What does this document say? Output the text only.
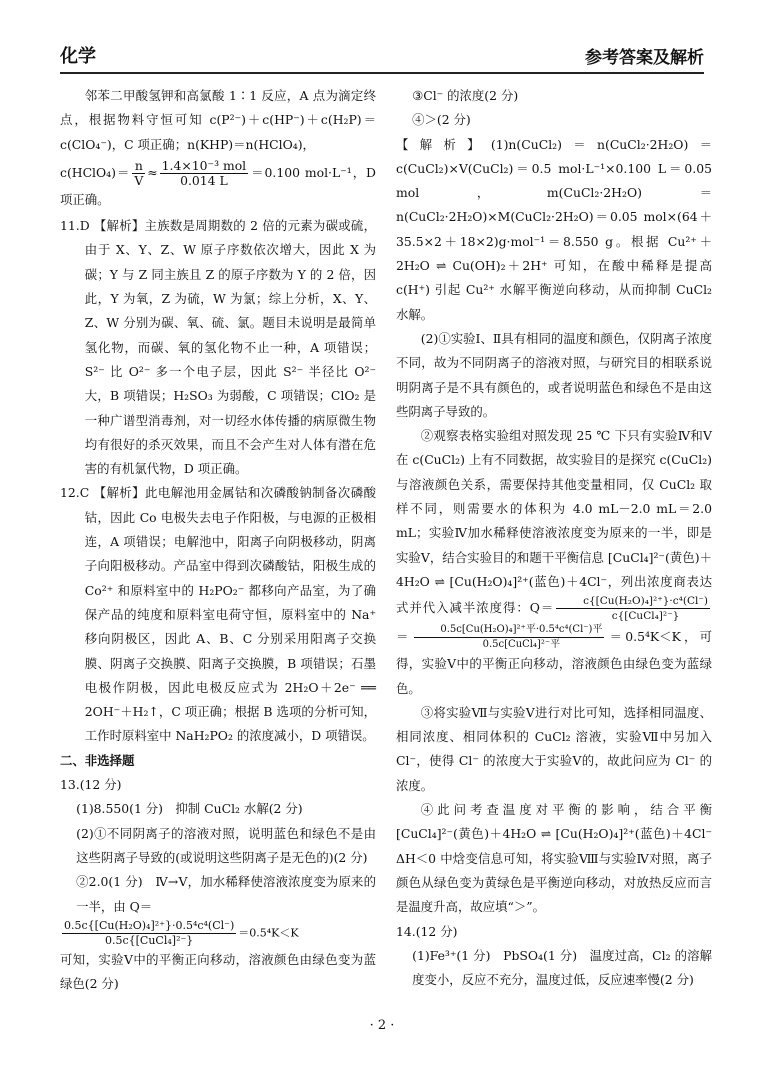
化学	参考答案及解析

邻苯二甲酸氢钾和高氯酸 1∶1 反应，A 点为滴定终点，根据物料守恒可知 c(P²⁻)＋c(HP⁻)＋c(H₂P)＝c(ClO₄⁻)，C 项正确；n(KHP)＝n(HClO₄)，

c(HClO₄)＝ $\frac{n}{V} \approx \frac{\text{1.4×10⁻³ mol}}{0.014 L} =0.100$ mol·L⁻¹，D 项正确。

11.D 【解析】主族数是周期数的 2 倍的元素为碳或硫，由于 X、Y、Z、W 原子序数依次增大，因此 X 为碳；Y 与 Z 同主族且 Z 的原子序数为 Y 的 2 倍，因此，Y 为氧，Z 为硫，W 为氯；综上分析，X、Y、Z、W 分别为碳、氧、硫、氯。题目未说明是最简单氢化物，而碳、氧的氢化物不止一种，A 项错误；S²⁻ 比 O²⁻ 多一个电子层，因此 S²⁻ 半径比 O²⁻ 大，B 项错误；H₂SO₃ 为弱酸，C 项错误；ClO₂ 是一种广谱型消毒剂，对一切经水体传播的病原微生物均有很好的杀灭效果，而且不会产生对人体有潜在危害的有机氯代物，D 项正确。

12.C 【解析】此电解池用金属钴和次磷酸钠制备次磷酸钴，因此 Co 电极失去电子作阳极，与电源的正极相连，A 项错误；电解池中，阳离子向阴极移动，阴离子向阳极移动。产品室中得到次磷酸钴，阳极生成的 Co²⁺ 和原料室中的 H₂PO₂⁻ 都移向产品室，为了确保产品的纯度和原料室电荷守恒，原料室中的 Na⁺ 移向阴极区，因此 A、B、C 分别采用阳离子交换膜、阴离子交换膜、阳离子交换膜，B 项错误；石墨电极作阴极，因此电极反应式为 2H₂O＋2e⁻ ══ 2OH⁻＋H₂↑，C 项正确；根据 B 选项的分析可知，工作时原料室中 NaH₂PO₂ 的浓度减小，D 项错误。

二、非选择题

13.(12 分)

(1)8.550(1 分)　抑制 CuCl₂ 水解(2 分)

(2)①不同阴离子的溶液对照，说明蓝色和绿色不是由这些阴离子导致的(或说明这些阴离子是无色的)(2 分)

②2.0(1 分)　Ⅳ→Ⅴ，加水稀释使溶液浓度变为原来的一半，由 Q＝

$\frac{\text{0.5c\{[Cu(H₂O)₄]²⁺\}·0.5⁴c⁴(Cl⁻)}}{\text{0.5c\{[CuCl₄]²⁻\}}} =0.5^4K<K$

可知，实验Ⅴ中的平衡正向移动，溶液颜色由绿色变为蓝绿色(2 分)

③Cl⁻ 的浓度(2 分)

④＞(2 分)

【解析】(1)n(CuCl₂)＝n(CuCl₂·2H₂O)＝c(CuCl₂)×V(CuCl₂)＝0.5 mol·L⁻¹×0.100 L＝0.05 mol，m(CuCl₂·2H₂O)＝n(CuCl₂·2H₂O)×M(CuCl₂·2H₂O)＝0.05 mol×(64＋35.5×2＋18×2)g·mol⁻¹＝8.550 g。根据 Cu²⁺＋2H₂O ⇌ Cu(OH)₂＋2H⁺ 可知，在酸中稀释是提高 c(H⁺) 引起 Cu²⁺ 水解平衡逆向移动，从而抑制 CuCl₂ 水解。

(2)①实验Ⅰ、Ⅱ具有相同的温度和颜色，仅阴离子浓度不同，故为不同阴离子的溶液对照，与研究目的相联系说明阴离子是不具有颜色的，或者说明蓝色和绿色不是由这些阴离子导致的。

②观察表格实验组对照发现 25 ℃ 下只有实验Ⅳ和Ⅴ在 c(CuCl₂) 上有不同数据，故实验目的是探究 c(CuCl₂) 与溶液颜色关系，需要保持其他变量相同，仅 CuCl₂ 取样不同，则需要水的体积为 4.0 mL－2.0 mL＝2.0 mL；实验Ⅳ加水稀释使溶液浓度变为原来的一半，即是实验Ⅴ，结合实验目的和题干平衡信息 [CuCl₄]²⁻(黄色)＋4H₂O ⇌ [Cu(H₂O)₄]²⁺(蓝色)＋4Cl⁻，列出浓度商表达式并代入减半浓度得：$Q= \frac{\text{c\{[Cu(H₂O)₄]²⁺\}·c⁴(Cl⁻)}}{\text{c\{[CuCl₄]²⁻\}}}$
＝ $\frac{\text{0.5c[Cu(H₂O)₄]²⁺平·0.5⁴c⁴(Cl⁻)平}}{\text{0.5c[CuCl₄]²⁻平}} =0.5^4K<K$，可得，实验Ⅴ中的平衡正向移动，溶液颜色由绿色变为蓝绿色。

③将实验Ⅶ与实验Ⅴ进行对比可知，选择相同温度、相同浓度、相同体积的 CuCl₂ 溶液，实验Ⅶ中另加入 Cl⁻，使得 Cl⁻ 的浓度大于实验Ⅴ的，故此问应为 Cl⁻ 的浓度。

④此问考查温度对平衡的影响，结合平衡 [CuCl₄]²⁻(黄色)＋4H₂O ⇌ [Cu(H₂O)₄]²⁺(蓝色)＋4Cl⁻ ΔH＜0 中焓变信息可知，将实验Ⅷ与实验Ⅳ对照，离子颜色从绿色变为黄绿色是平衡逆向移动，对放热反应而言是温度升高，故应填“＞”。

14.(12 分)

(1)Fe³⁺(1 分)　PbSO₄(1 分)　温度过高，Cl₂ 的溶解度变小，反应不充分，温度过低，反应速率慢(2 分)

· 2 ·
